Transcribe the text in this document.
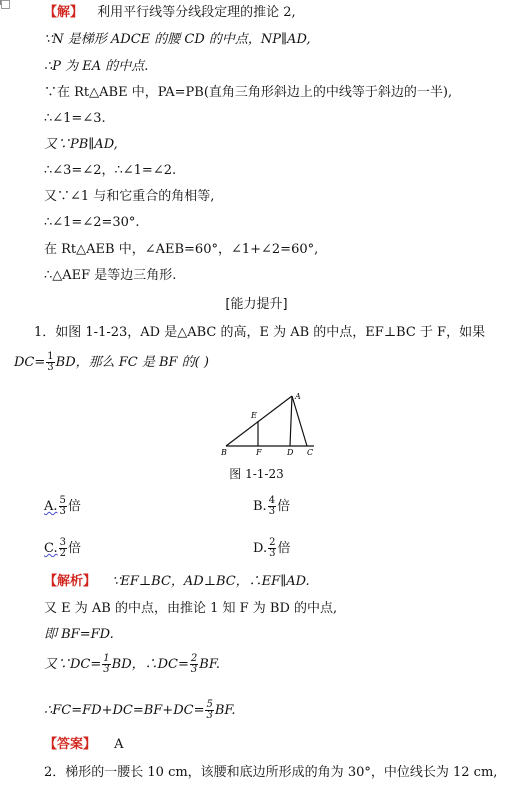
【解】 利用平行线等分线段定理的推论 2,
∵N 是梯形 ADCE 的腰 CD 的中点，NP∥AD,
∴P 为 EA 的中点.
∵在 Rt△ABE 中，PA=PB(直角三角形斜边上的中线等于斜边的一半),
∴∠1=∠3.
又∵PB∥AD,
∴∠3=∠2，∴∠1=∠2.
又∵∠1 与和它重合的角相等,
∴∠1=∠2=30°.
在 Rt△AEB 中，∠AEB=60°，∠1+∠2=60°,
∴△AEF 是等边三角形.
[能力提升]
1．如图 1-1-23，AD 是△ABC 的高，E 为 AB 的中点，EF⊥BC 于 F，如果
$DC= \frac{1}{3}$ BD，那么 FC 是 BF 的( )
A
E
B	F	D C
图 1-1-23
A. $\frac{5}{3}$ 倍	B. $\frac{4}{3}$ 倍
C. $\frac{3}{2}$ 倍	D. $\frac{2}{3}$ 倍
【解析】 ∵EF⊥BC，AD⊥BC，∴EF∥AD.
又 E 为 AB 的中点，由推论 1 知 F 为 BD 的中点,
即 BF=FD.
又∵DC= $\frac{1}{3}$ BD，∴DC= $\frac{2}{3}$ BF.
∴FC=FD+DC=BF+DC= $\frac{5}{3}$ BF.
【答案】 A
2．梯形的一腰长 10 cm，该腰和底边所形成的角为 30°，中位线长为 12 cm,
